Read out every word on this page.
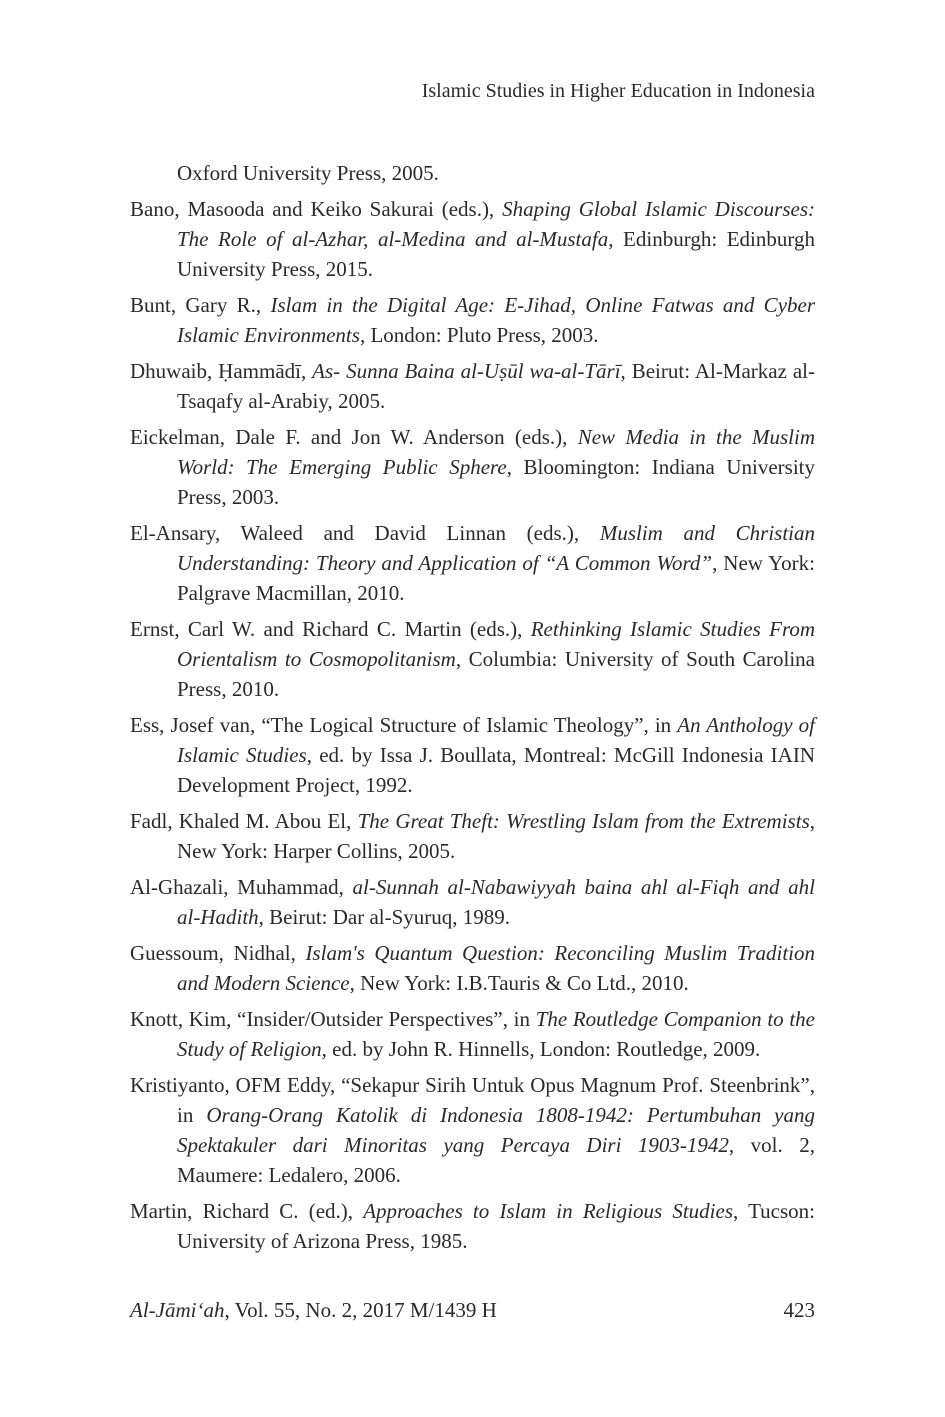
Islamic Studies in Higher Education in Indonesia
Oxford University Press, 2005.
Bano, Masooda and Keiko Sakurai (eds.), Shaping Global Islamic Discourses: The Role of al-Azhar, al-Medina and al-Mustafa, Edinburgh: Edinburgh University Press, 2015.
Bunt, Gary R., Islam in the Digital Age: E-Jihad, Online Fatwas and Cyber Islamic Environments, London: Pluto Press, 2003.
Dhuwaib, Ḥammādī, As- Sunna Baina al-Uṣūl wa-al-Tārī, Beirut: Al-Markaz al-Tsaqafy al-Arabiy, 2005.
Eickelman, Dale F. and Jon W. Anderson (eds.), New Media in the Muslim World: The Emerging Public Sphere, Bloomington: Indiana University Press, 2003.
El-Ansary, Waleed and David Linnan (eds.), Muslim and Christian Understanding: Theory and Application of “A Common Word”, New York: Palgrave Macmillan, 2010.
Ernst, Carl W. and Richard C. Martin (eds.), Rethinking Islamic Studies From Orientalism to Cosmopolitanism, Columbia: University of South Carolina Press, 2010.
Ess, Josef van, “The Logical Structure of Islamic Theology”, in An Anthology of Islamic Studies, ed. by Issa J. Boullata, Montreal: McGill Indonesia IAIN Development Project, 1992.
Fadl, Khaled M. Abou El, The Great Theft: Wrestling Islam from the Extremists, New York: Harper Collins, 2005.
Al-Ghazali, Muhammad, al-Sunnah al-Nabawiyyah baina ahl al-Fiqh and ahl al-Hadith, Beirut: Dar al-Syuruq, 1989.
Guessoum, Nidhal, Islam's Quantum Question: Reconciling Muslim Tradition and Modern Science, New York: I.B.Tauris & Co Ltd., 2010.
Knott, Kim, “Insider/Outsider Perspectives”, in The Routledge Companion to the Study of Religion, ed. by John R. Hinnells, London: Routledge, 2009.
Kristiyanto, OFM Eddy, “Sekapur Sirih Untuk Opus Magnum Prof. Steenbrink”, in Orang-Orang Katolik di Indonesia 1808-1942: Pertumbuhan yang Spektakuler dari Minoritas yang Percaya Diri 1903-1942, vol. 2, Maumere: Ledalero, 2006.
Martin, Richard C. (ed.), Approaches to Islam in Religious Studies, Tucson: University of Arizona Press, 1985.
Al-Jāmi‘ah, Vol. 55, No. 2, 2017 M/1439 H	423
